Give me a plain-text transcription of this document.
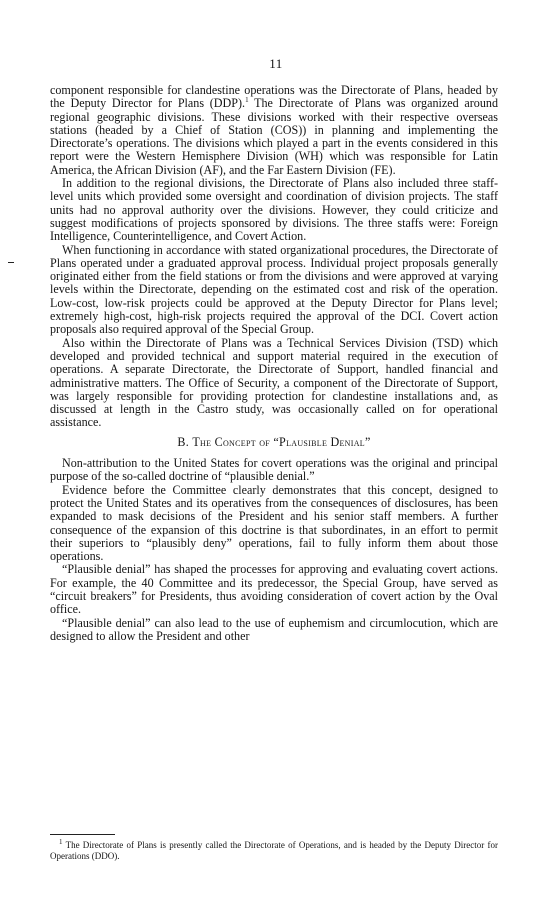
11

component responsible for clandestine operations was the Directorate of Plans, headed by the Deputy Director for Plans (DDP).$^1$ The Directorate of Plans was organized around regional geographic divisions. These divisions worked with their respective overseas stations (headed by a Chief of Station (COS)) in planning and implementing the Directorate’s operations. The divisions which played a part in the events considered in this report were the Western Hemisphere Division (WH) which was responsible for Latin America, the African Division (AF), and the Far Eastern Division (FE).

In addition to the regional divisions, the Directorate of Plans also included three staff-level units which provided some oversight and coordination of division projects. The staff units had no approval authority over the divisions. However, they could criticize and suggest modifications of projects sponsored by divisions. The three staffs were: Foreign Intelligence, Counterintelligence, and Covert Action.

When functioning in accordance with stated organizational procedures, the Directorate of Plans operated under a graduated approval process. Individual project proposals generally originated either from the field stations or from the divisions and were approved at varying levels within the Directorate, depending on the estimated cost and risk of the operation. Low-cost, low-risk projects could be approved at the Deputy Director for Plans level; extremely high-cost, high-risk projects required the approval of the DCI. Covert action proposals also required approval of the Special Group.

Also within the Directorate of Plans was a Technical Services Division (TSD) which developed and provided technical and support material required in the execution of operations. A separate Directorate, the Directorate of Support, handled financial and administrative matters. The Office of Security, a component of the Directorate of Support, was largely responsible for providing protection for clandestine installations and, as discussed at length in the Castro study, was occasionally called on for operational assistance.

B. The Concept of “Plausible Denial”

Non-attribution to the United States for covert operations was the original and principal purpose of the so-called doctrine of “plausible denial.”

Evidence before the Committee clearly demonstrates that this concept, designed to protect the United States and its operatives from the consequences of disclosures, has been expanded to mask decisions of the President and his senior staff members. A further consequence of the expansion of this doctrine is that subordinates, in an effort to permit their superiors to “plausibly deny” operations, fail to fully inform them about those operations.

“Plausible denial” has shaped the processes for approving and evaluating covert actions. For example, the 40 Committee and its predecessor, the Special Group, have served as “circuit breakers” for Presidents, thus avoiding consideration of covert action by the Oval office.

“Plausible denial” can also lead to the use of euphemism and circumlocution, which are designed to allow the President and other

$^1$ The Directorate of Plans is presently called the Directorate of Operations, and is headed by the Deputy Director for Operations (DDO).
